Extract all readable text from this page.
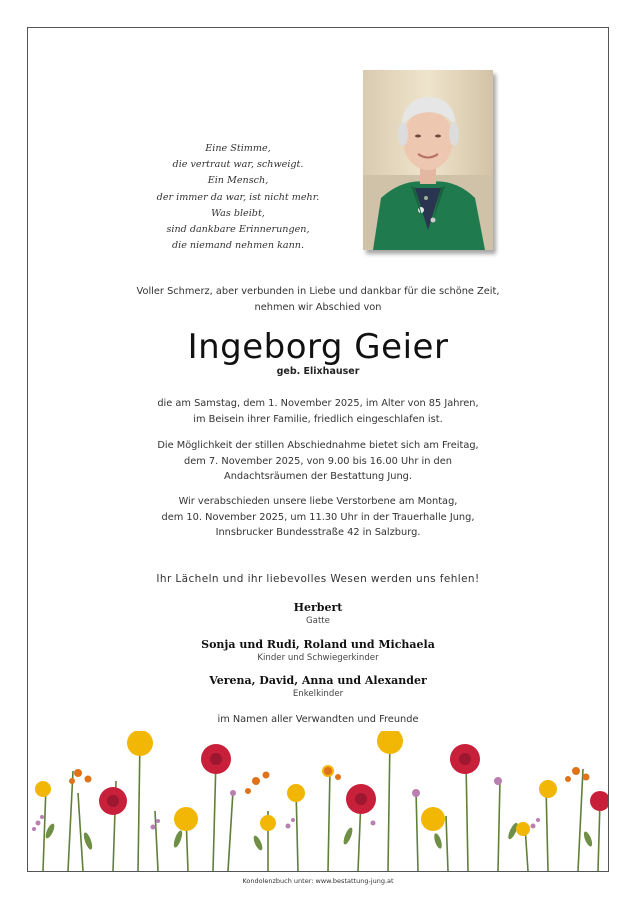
Eine Stimme,
die vertraut war, schweigt.
Ein Mensch,
der immer da war, ist nicht mehr.
Was bleibt,
sind dankbare Erinnerungen,
die niemand nehmen kann.
Voller Schmerz, aber verbunden in Liebe und dankbar für die schöne Zeit,
nehmen wir Abschied von
Ingeborg Geier
geb. Elixhauser
die am Samstag, dem 1. November 2025, im Alter von 85 Jahren,
im Beisein ihrer Familie, friedlich eingeschlafen ist.
Die Möglichkeit der stillen Abschiednahme bietet sich am Freitag,
dem 7. November 2025, von 9.00 bis 16.00 Uhr in den
Andachtsräumen der Bestattung Jung.
Wir verabschieden unsere liebe Verstorbene am Montag,
dem 10. November 2025, um 11.30 Uhr in der Trauerhalle Jung,
Innsbrucker Bundesstraße 42 in Salzburg.
Ihr Lächeln und ihr liebevolles Wesen werden uns fehlen!
Herbert
Gatte
Sonja und Rudi, Roland und Michaela
Kinder und Schwiegerkinder
Verena, David, Anna und Alexander
Enkelkinder
im Namen aller Verwandten und Freunde
Kondolenzbuch unter: www.bestattung-jung.at
